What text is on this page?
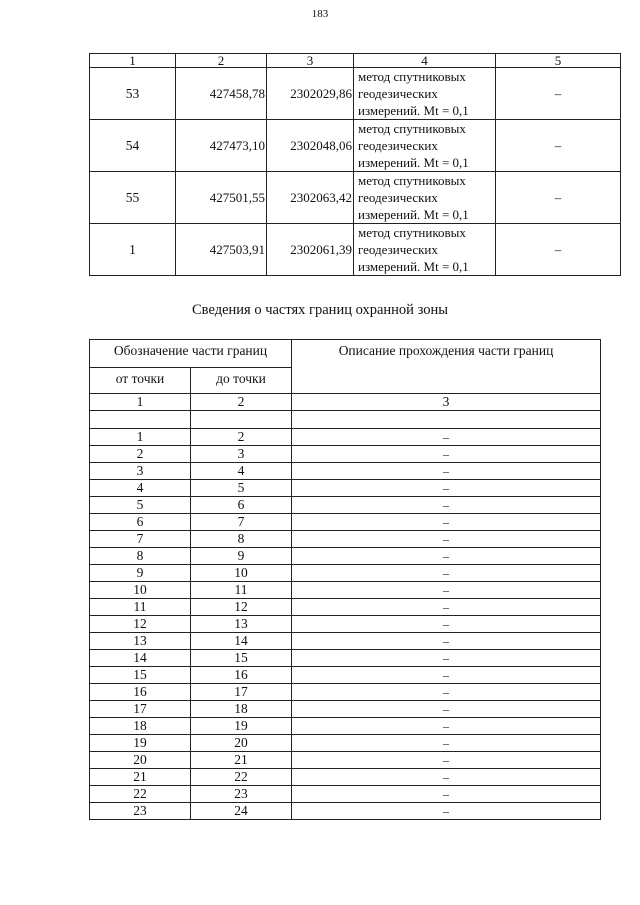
183
1	2	3	4	5
53	427458,78	2302029,86	метод спутниковых
геодезических
измерений. Mt = 0,1	–
54	427473,10	2302048,06	метод спутниковых
геодезических
измерений. Mt = 0,1	–
55	427501,55	2302063,42	метод спутниковых
геодезических
измерений. Mt = 0,1	–
1	427503,91	2302061,39	метод спутниковых
геодезических
измерений. Mt = 0,1	–
Сведения о частях границ охранной зоны
Обозначение части границ		Описание прохождения части границ
от точки	до точки	
1	2	3

1	2	–
2	3	–
3	4	–
4	5	–
5	6	–
6	7	–
7	8	–
8	9	–
9	10	–
10	11	–
11	12	–
12	13	–
13	14	–
14	15	–
15	16	–
16	17	–
17	18	–
18	19	–
19	20	–
20	21	–
21	22	–
22	23	–
23	24	–
